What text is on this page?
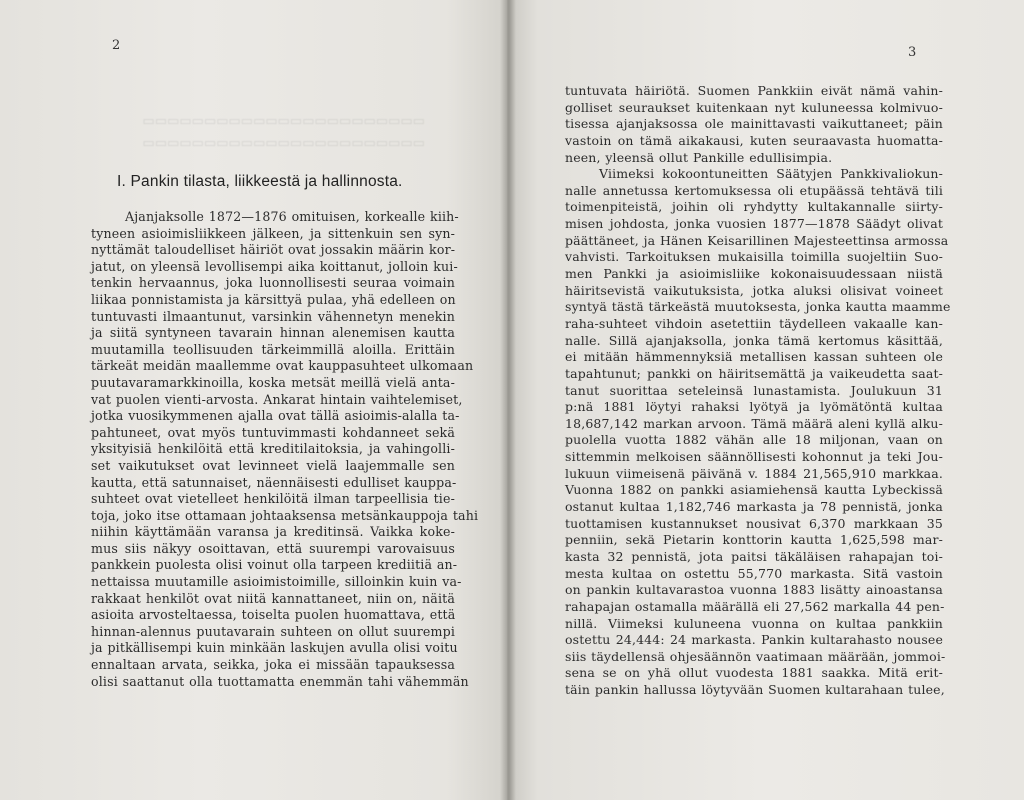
▭▭▭▭▭▭▭▭▭▭▭▭▭▭▭▭▭▭▭▭▭▭▭
▭▭▭▭▭▭▭▭▭▭▭▭▭▭▭▭▭▭▭▭▭▭▭
2
I. Pankin tilasta, liikkeestä ja hallinnosta.
Ajanjaksolle 1872—1876 omituisen, korkealle kiih-
tyneen asioimisliikkeen jälkeen, ja sittenkuin sen syn-
nyttämät taloudelliset häiriöt ovat jossakin määrin kor-
jatut, on yleensä levollisempi aika koittanut, jolloin kui-
tenkin hervaannus, joka luonnollisesti seuraa voimain
liikaa ponnistamista ja kärsittyä pulaa, yhä edelleen on
tuntuvasti ilmaantunut, varsinkin vähennetyn menekin
ja siitä syntyneen tavarain hinnan alenemisen kautta
muutamilla teollisuuden tärkeimmillä aloilla. Erittäin
tärkeät meidän maallemme ovat kauppasuhteet ulkomaan
puutavaramarkkinoilla, koska metsät meillä vielä anta-
vat puolen vienti-arvosta. Ankarat hintain vaihtelemiset,
jotka vuosikymmenen ajalla ovat tällä asioimis-alalla ta-
pahtuneet, ovat myös tuntuvimmasti kohdanneet sekä
yksityisiä henkilöitä että kreditilaitoksia, ja vahingolli-
set vaikutukset ovat levinneet vielä laajemmalle sen
kautta, että satunnaiset, näennäisesti edulliset kauppa-
suhteet ovat vietelleet henkilöitä ilman tarpeellisia tie-
toja, joko itse ottamaan johtaaksensa metsänkauppoja tahi
niihin käyttämään varansa ja kreditinsä. Vaikka koke-
mus siis näkyy osoittavan, että suurempi varovaisuus
pankkein puolesta olisi voinut olla tarpeen krediitiä an-
nettaissa muutamille asioimistoimille, silloinkin kuin va-
rakkaat henkilöt ovat niitä kannattaneet, niin on, näitä
asioita arvosteltaessa, toiselta puolen huomattava, että
hinnan-alennus puutavarain suhteen on ollut suurempi
ja pitkällisempi kuin minkään laskujen avulla olisi voitu
ennaltaan arvata, seikka, joka ei missään tapauksessa
olisi saattanut olla tuottamatta enemmän tahi vähemmän
3
tuntuvata häiriötä. Suomen Pankkiin eivät nämä vahin-
golliset seuraukset kuitenkaan nyt kuluneessa kolmivuo-
tisessa ajanjaksossa ole mainittavasti vaikuttaneet; päin
vastoin on tämä aikakausi, kuten seuraavasta huomatta-
neen, yleensä ollut Pankille edullisimpia.
Viimeksi kokoontuneitten Säätyjen Pankkivaliokun-
nalle annetussa kertomuksessa oli etupäässä tehtävä tili
toimenpiteistä, joihin oli ryhdytty kultakannalle siirty-
misen johdosta, jonka vuosien 1877—1878 Säädyt olivat
päättäneet, ja Hänen Keisarillinen Majesteettinsa armossa
vahvisti. Tarkoituksen mukaisilla toimilla suojeltiin Suo-
men Pankki ja asioimisliike kokonaisuudessaan niistä
häiritsevistä vaikutuksista, jotka aluksi olisivat voineet
syntyä tästä tärkeästä muutoksesta, jonka kautta maamme
raha-suhteet vihdoin asetettiin täydelleen vakaalle kan-
nalle. Sillä ajanjaksolla, jonka tämä kertomus käsittää,
ei mitään hämmennyksiä metallisen kassan suhteen ole
tapahtunut; pankki on häiritsemättä ja vaikeudetta saat-
tanut suorittaa seteleinsä lunastamista. Joulukuun 31
p:nä 1881 löytyi rahaksi lyötyä ja lyömätöntä kultaa
18,687,142 markan arvoon. Tämä määrä aleni kyllä alku-
puolella vuotta 1882 vähän alle 18 miljonan, vaan on
sittemmin melkoisen säännöllisesti kohonnut ja teki Jou-
lukuun viimeisenä päivänä v. 1884 21,565,910 markkaa.
Vuonna 1882 on pankki asiamiehensä kautta Lybeckissä
ostanut kultaa 1,182,746 markasta ja 78 pennistä, jonka
tuottamisen kustannukset nousivat 6,370 markkaan 35
penniin, sekä Pietarin konttorin kautta 1,625,598 mar-
kasta 32 pennistä, jota paitsi täkäläisen rahapajan toi-
mesta kultaa on ostettu 55,770 markasta. Sitä vastoin
on pankin kultavarastoa vuonna 1883 lisätty ainoastansa
rahapajan ostamalla määrällä eli 27,562 markalla 44 pen-
nillä. Viimeksi kuluneena vuonna on kultaa pankkiin
ostettu 24,444: 24 markasta. Pankin kultarahasto nousee
siis täydellensä ohjesäännön vaatimaan määrään, jommoi-
sena se on yhä ollut vuodesta 1881 saakka. Mitä erit-
täin pankin hallussa löytyvään Suomen kultarahaan tulee,
